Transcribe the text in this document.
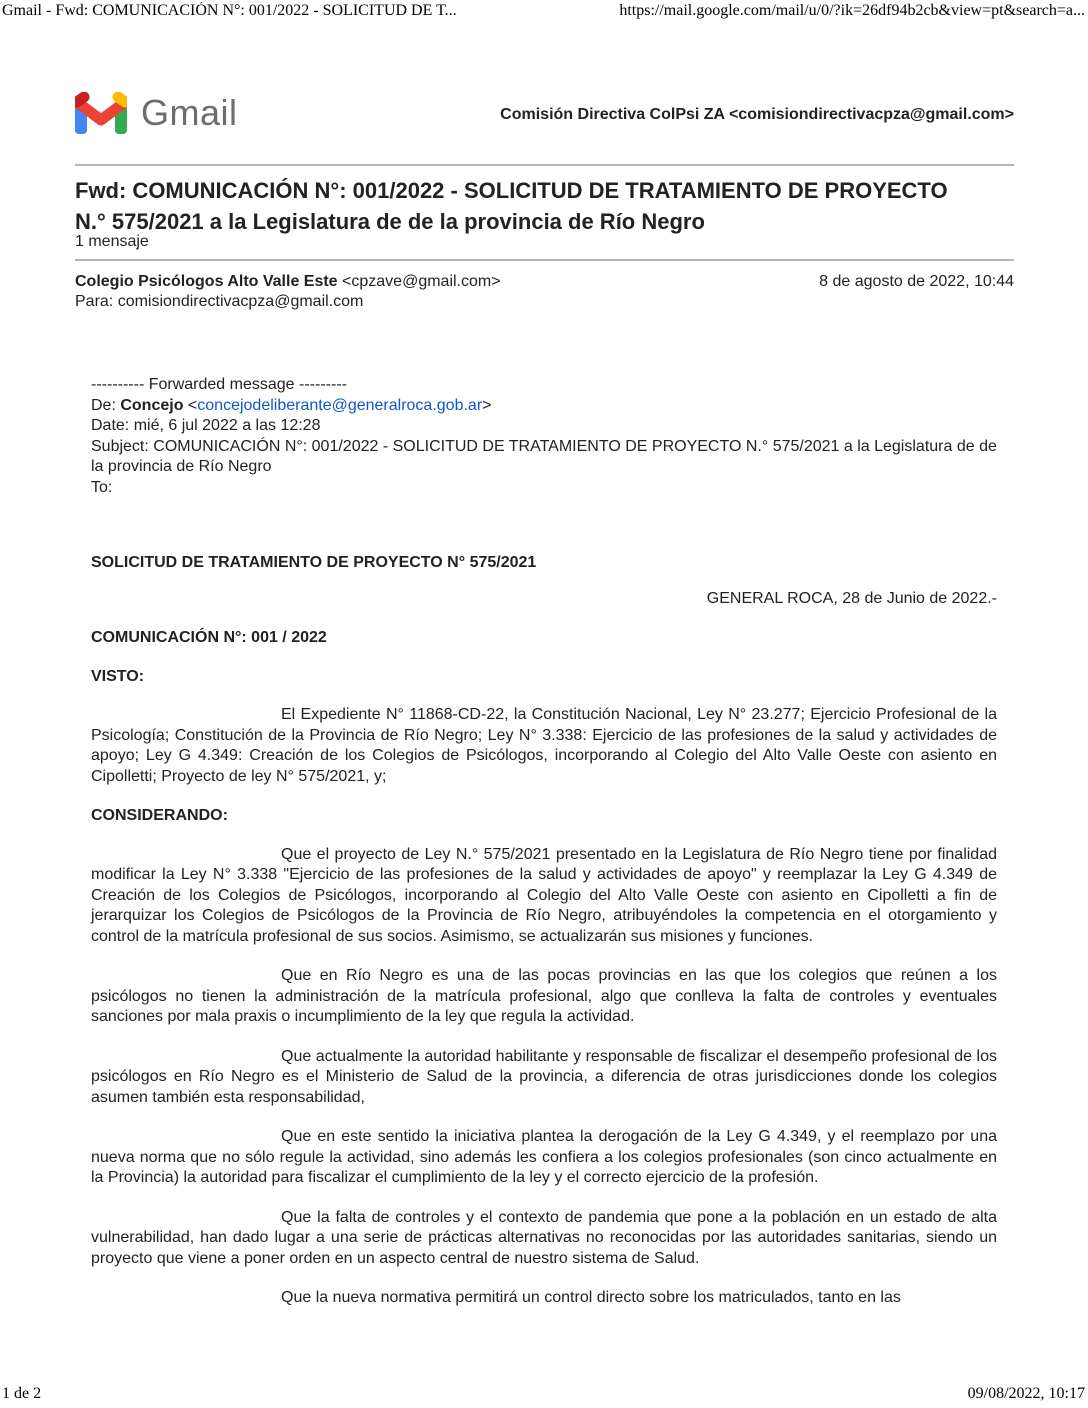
Gmail - Fwd: COMUNICACIÓN N°: 001/2022 - SOLICITUD DE T...	https://mail.google.com/mail/u/0/?ik=26df94b2cb&view=pt&search=a...
Gmail	Comisión Directiva ColPsi ZA <comisiondirectivacpza@gmail.com>
Fwd: COMUNICACIÓN N°: 001/2022 - SOLICITUD DE TRATAMIENTO DE PROYECTO N.° 575/2021 a la Legislatura de de la provincia de Río Negro
1 mensaje
Colegio Psicólogos Alto Valle Este <cpzave@gmail.com>	8 de agosto de 2022, 10:44
Para: comisiondirectivacpza@gmail.com
---------- Forwarded message ---------
De: Concejo <concejodeliberante@generalroca.gob.ar>
Date: mié, 6 jul 2022 a las 12:28
Subject: COMUNICACIÓN N°: 001/2022 - SOLICITUD DE TRATAMIENTO DE PROYECTO N.° 575/2021 a la Legislatura de de la provincia de Río Negro
To:
SOLICITUD DE TRATAMIENTO DE PROYECTO N° 575/2021
GENERAL ROCA, 28 de Junio de 2022.-
COMUNICACIÓN N°: 001 / 2022
VISTO:

El Expediente N° 11868-CD-22, la Constitución Nacional, Ley N° 23.277; Ejercicio Profesional de la Psicología; Constitución de la Provincia de Río Negro; Ley N° 3.338: Ejercicio de las profesiones de la salud y actividades de apoyo; Ley G 4.349: Creación de los Colegios de Psicólogos, incorporando al Colegio del Alto Valle Oeste con asiento en Cipolletti; Proyecto de ley N° 575/2021, y;

CONSIDERANDO:

Que el proyecto de Ley N.° 575/2021 presentado en la Legislatura de Río Negro tiene por finalidad modificar la Ley N° 3.338 "Ejercicio de las profesiones de la salud y actividades de apoyo" y reemplazar la Ley G 4.349 de Creación de los Colegios de Psicólogos, incorporando al Colegio del Alto Valle Oeste con asiento en Cipolletti a fin de jerarquizar los Colegios de Psicólogos de la Provincia de Río Negro, atribuyéndoles la competencia en el otorgamiento y control de la matrícula profesional de sus socios. Asimismo, se actualizarán sus misiones y funciones.

Que en Río Negro es una de las pocas provincias en las que los colegios que reúnen a los psicólogos no tienen la administración de la matrícula profesional, algo que conlleva la falta de controles y eventuales sanciones por mala praxis o incumplimiento de la ley que regula la actividad.

Que actualmente la autoridad habilitante y responsable de fiscalizar el desempeño profesional de los psicólogos en Río Negro es el Ministerio de Salud de la provincia, a diferencia de otras jurisdicciones donde los colegios asumen también esta responsabilidad,

Que en este sentido la iniciativa plantea la derogación de la Ley G 4.349, y el reemplazo por una nueva norma que no sólo regule la actividad, sino además les confiera a los colegios profesionales (son cinco actualmente en la Provincia) la autoridad para fiscalizar el cumplimiento de la ley y el correcto ejercicio de la profesión.

Que la falta de controles y el contexto de pandemia que pone a la población en un estado de alta vulnerabilidad, han dado lugar a una serie de prácticas alternativas no reconocidas por las autoridades sanitarias, siendo un proyecto que viene a poner orden en un aspecto central de nuestro sistema de Salud.

Que la nueva normativa permitirá un control directo sobre los matriculados, tanto en las

1 de 2	09/08/2022, 10:17
